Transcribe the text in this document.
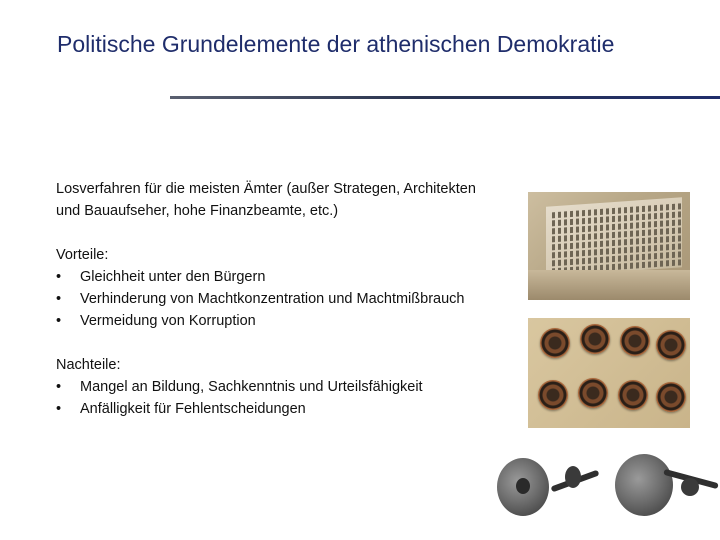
Politische Grundelemente der athenischen Demokratie

Losverfahren für die meisten Ämter (außer Strategen, Architekten und Bauaufseher, hohe Finanzbeamte, etc.)

Vorteile:

• Gleichheit unter den Bürgern
• Verhinderung von Machtkonzentration und Machtmißbrauch
• Vermeidung von Korruption

Nachteile:

• Mangel an Bildung, Sachkenntnis und Urteilsfähigkeit
• Anfälligkeit für Fehlentscheidungen
